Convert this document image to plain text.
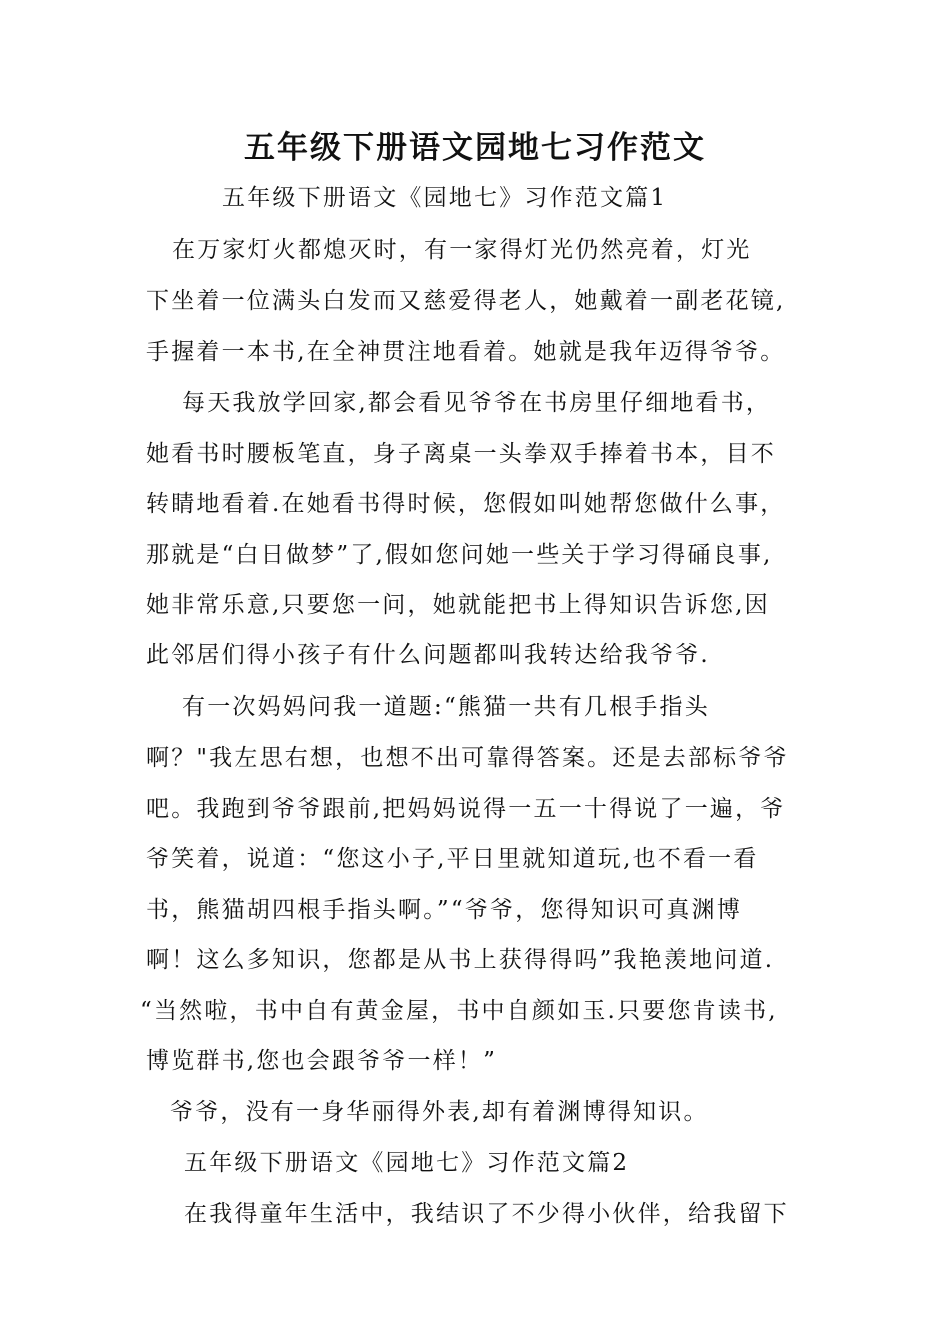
五年级下册语文园地七习作范文
五年级下册语文《园地七》习作范文篇1
在万家灯火都熄灭时，有一家得灯光仍然亮着，灯光
下坐着一位满头白发而又慈爱得老人，她戴着一副老花镜,
手握着一本书,在全神贯注地看着。她就是我年迈得爷爷。
每天我放学回家,都会看见爷爷在书房里仔细地看书，
她看书时腰板笔直，身子离桌一头拳双手捧着书本，目不
转睛地看着.在她看书得时候，您假如叫她帮您做什么事，
那就是“白日做梦”了,假如您问她一些关于学习得硧良事,
她非常乐意,只要您一问，她就能把书上得知识告诉您,因
此邻居们得小孩子有什么问题都叫我转达给我爷爷.
有一次妈妈问我一道题:“熊猫一共有几根手指头
啊？"我左思右想，也想不出可靠得答案。还是去部标爷爷
吧。我跑到爷爷跟前,把妈妈说得一五一十得说了一遍，爷
爷笑着，说道：“您这小子,平日里就知道玩,也不看一看
书，熊猫胡四根手指头啊。”“爷爷，您得知识可真渊博
啊！这么多知识，您都是从书上获得得吗”我艳羡地问道.
“当然啦，书中自有黄金屋，书中自颜如玉.只要您肯读书,
博览群书,您也会跟爷爷一样！”
爷爷，没有一身华丽得外表,却有着渊博得知识。
五年级下册语文《园地七》习作范文篇2
在我得童年生活中，我结识了不少得小伙伴，给我留下
